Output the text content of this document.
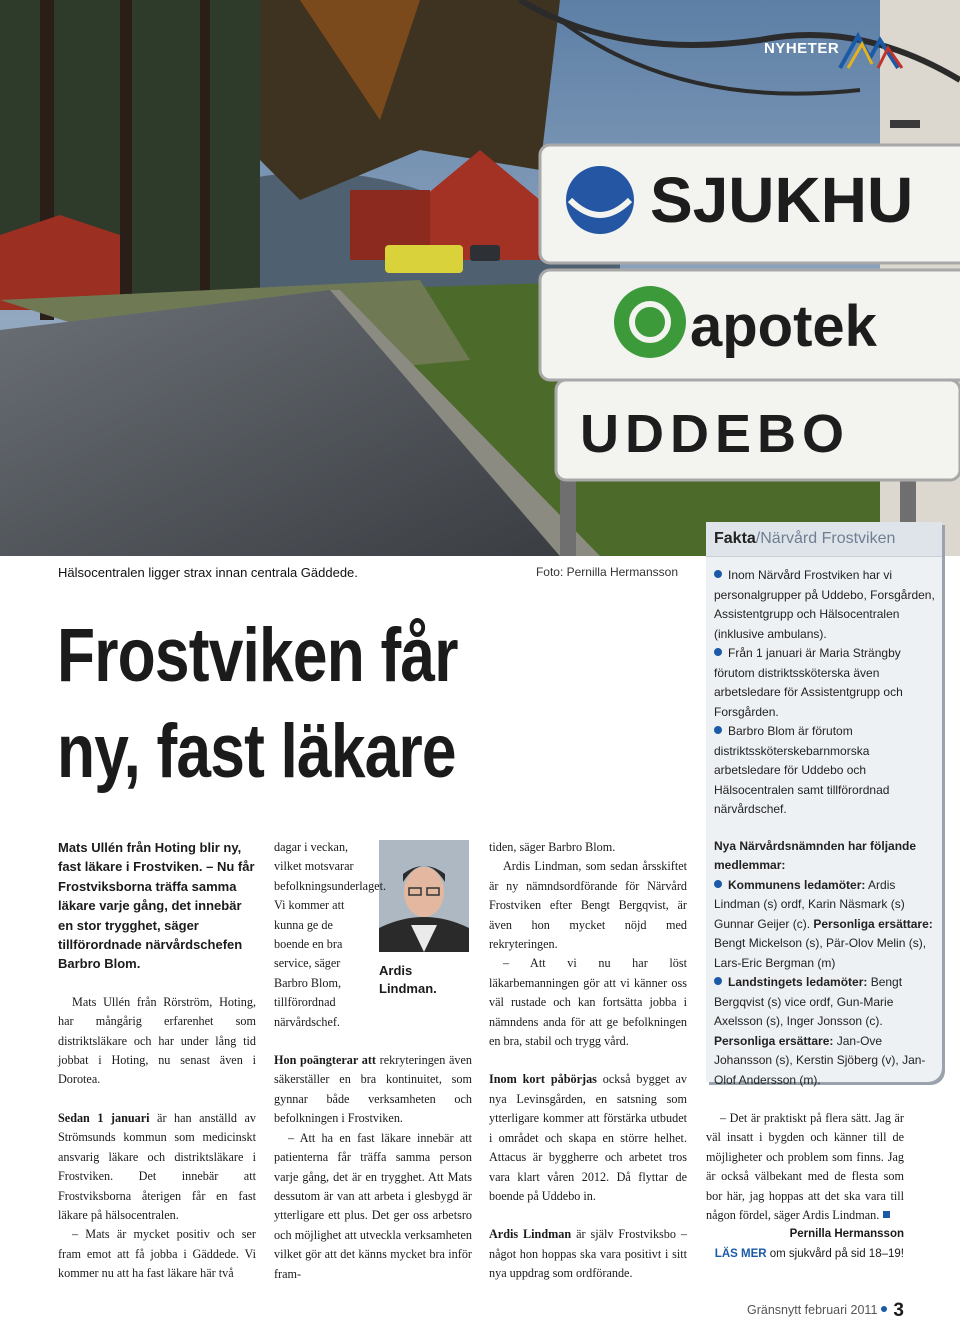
SJUKHU
apotek
UDDEBO
NYHETER
Hälsocentralen ligger strax innan centrala Gäddede.	Foto: Pernilla Hermansson
Frostviken får
ny, fast läkare
Fakta/Närvård Frostviken

Inom Närvård Frostviken har vi personalgrupper på Uddebo, Forsgården, Assistentgrupp och Hälsocentralen (inklusive ambulans).

Från 1 januari är Maria Strängby förutom distriktssköterska även arbetsledare för Assistentgrupp och Forsgården.

Barbro Blom är förutom distriktssköterskebarnmorska arbetsledare för Uddebo och Hälsocentralen samt tillförordnad närvårdschef.

Nya Närvårdsnämnden har följande medlemmar:

Kommunens ledamöter: Ardis Lindman (s) ordf, Karin Näsmark (s) Gunnar Geijer (c). Personliga ersättare: Bengt Mickelson (s), Pär-Olov Melin (s), Lars-Eric Bergman (m)

Landstingets ledamöter: Bengt Bergqvist (s) vice ordf, Gun-Marie Axelsson (s), Inger Jonsson (c). Personliga ersättare: Jan-Ove Johansson (s), Kerstin Sjöberg (v), Jan-Olof Andersson (m).

Mats Ullén från Hoting blir ny, fast läkare i Frostviken. – Nu får Frostviksborna träffa samma läkare varje gång, det innebär en stor trygghet, säger tillförordnade närvårdschefen Barbro Blom.

Mats Ullén från Rörström, Hoting, har mångårig erfarenhet som distriktsläkare och har under lång tid jobbat i Hoting, nu senast även i Dorotea.

Sedan 1 januari är han anställd av Strömsunds kommun som medicinskt ansvarig läkare och distriktsläkare i Frostviken. Det innebär att Frostviksborna återigen får en fast läkare på hälsocentralen.

– Mats är mycket positiv och ser fram emot att få jobba i Gäddede. Vi kommer nu att ha fast läkare här två

Ardis
Lindman.

dagar i veckan, vilket motsvarar befolkningsunderlaget. Vi kommer att kunna ge de boende en bra service, säger Barbro Blom, tillförordnad närvårdschef.

Hon poängterar att rekryteringen även säkerställer en bra kontinuitet, som gynnar både verksamheten och befolkningen i Frostviken.

– Att ha en fast läkare innebär att patienterna får träffa samma person varje gång, det är en trygghet. Att Mats dessutom är van att arbeta i glesbygd är ytterligare ett plus. Det ger oss arbetsro och möjlighet att utveckla verksamheten vilket gör att det känns mycket bra inför fram-

tiden, säger Barbro Blom.

Ardis Lindman, som sedan årsskiftet är ny nämndsordförande för Närvård Frostviken efter Bengt Bergqvist, är även hon mycket nöjd med rekryteringen.

– Att vi nu har löst läkarbemanningen gör att vi känner oss väl rustade och kan fortsätta jobba i nämndens anda för att ge befolkningen en bra, stabil och trygg vård.

Inom kort påbörjas också bygget av nya Levinsgården, en satsning som ytterligare kommer att förstärka utbudet i området och skapa en större helhet. Attacus är byggherre och arbetet tros vara klart våren 2012. Då flyttar de boende på Uddebo in.

Ardis Lindman är själv Frostviksbo – något hon hoppas ska vara positivt i sitt nya uppdrag som ordförande.

– Det är praktiskt på flera sätt. Jag är väl insatt i bygden och känner till de möjligheter och problem som finns. Jag är också välbekant med de flesta som bor här, jag hoppas att det ska vara till någon fördel, säger Ardis Lindman.

Pernilla Hermansson

LÄS MER om sjukvård på sid 18–19!

Gränsnytt februari 2011 3
